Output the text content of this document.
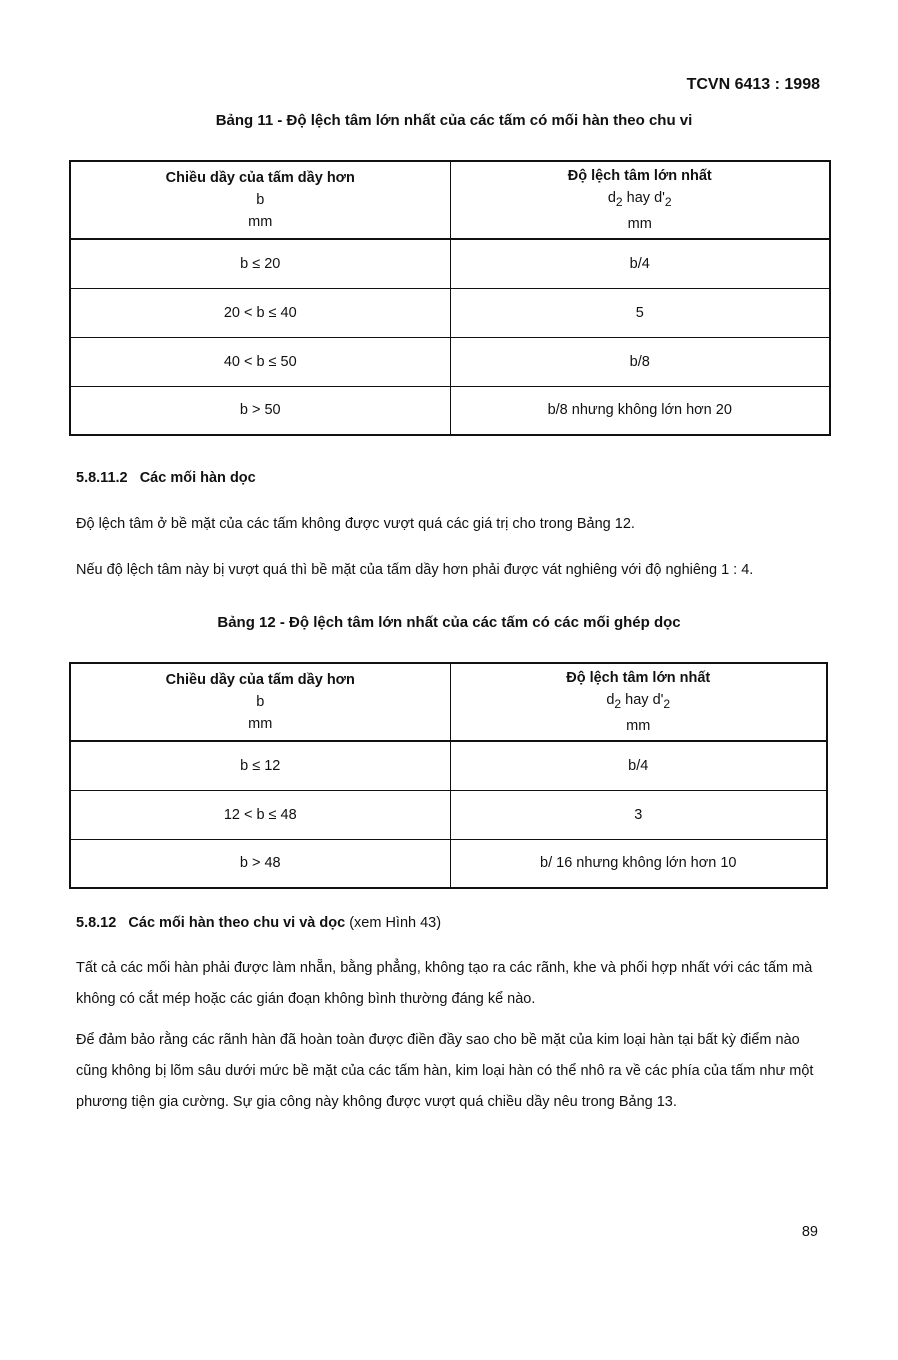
TCVN 6413 : 1998
Bảng 11 - Độ lệch tâm lớn nhất của các tấm có mối hàn theo chu vi
Chiều dầy của tấm dầy hơn
b
mm	Độ lệch tâm lớn nhất
$d_2$ hay $d'_2$
mm

b ≤ 20	b/4
20 < b ≤ 40	5
40 < b ≤ 50	b/8
b > 50	b/8 nhưng không lớn hơn 20
5.8.11.2 Các mối hàn dọc
Độ lệch tâm ở bề mặt của các tấm không được vượt quá các giá trị cho trong Bảng 12.
Nếu độ lệch tâm này bị vượt quá thì bề mặt của tấm dầy hơn phải được vát nghiêng với độ nghiêng 1 : 4.
Bảng 12 - Độ lệch tâm lớn nhất của các tấm có các mối ghép dọc
Chiều dầy của tấm dầy hơn
b
mm	Độ lệch tâm lớn nhất
$d_2$ hay $d'_2$
mm

b ≤ 12	b/4
12 < b ≤ 48	3
b > 48	b/ 16 nhưng không lớn hơn 10
5.8.12 Các mối hàn theo chu vi và dọc (xem Hình 43)
Tất cả các mối hàn phải được làm nhẵn, bằng phẳng, không tạo ra các rãnh, khe và phối hợp nhất với các tấm mà không có cắt mép hoặc các gián đoạn không bình thường đáng kể nào.
Để đảm bảo rằng các rãnh hàn đã hoàn toàn được điền đầy sao cho bề mặt của kim loại hàn tại bất kỳ điểm nào cũng không bị lõm sâu dưới mức bề mặt của các tấm hàn, kim loại hàn có thể nhô ra về các phía của tấm như một phương tiện gia cường. Sự gia công này không được vượt quá chiều dầy nêu trong Bảng 13.
89
